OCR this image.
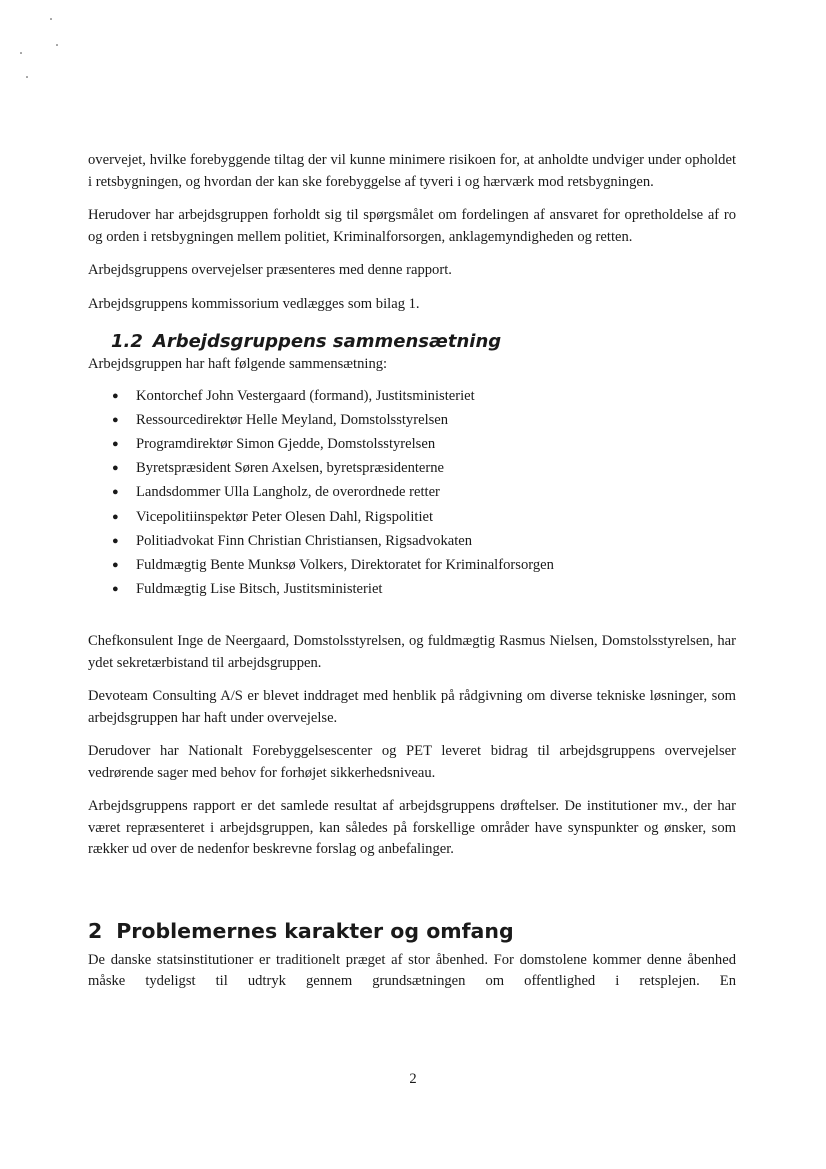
overvejet, hvilke forebyggende tiltag der vil kunne minimere risikoen for, at anholdte undviger under opholdet i retsbygningen, og hvordan der kan ske forebyggelse af tyveri i og hærværk mod retsbygningen.

Herudover har arbejdsgruppen forholdt sig til spørgsmålet om fordelingen af ansvaret for opretholdelse af ro og orden i retsbygningen mellem politiet, Kriminalforsorgen, anklagemyndigheden og retten.

Arbejdsgruppens overvejelser præsenteres med denne rapport.

Arbejdsgruppens kommissorium vedlægges som bilag 1.

1.2 Arbejdsgruppens sammensætning

Arbejdsgruppen har haft følgende sammensætning:

● Kontorchef John Vestergaard (formand), Justitsministeriet
● Ressourcedirektør Helle Meyland, Domstolsstyrelsen
● Programdirektør Simon Gjedde, Domstolsstyrelsen
● Byretspræsident Søren Axelsen, byretspræsidenterne
● Landsdommer Ulla Langholz, de overordnede retter
● Vicepolitiinspektør Peter Olesen Dahl, Rigspolitiet
● Politiadvokat Finn Christian Christiansen, Rigsadvokaten
● Fuldmægtig Bente Munksø Volkers, Direktoratet for Kriminalforsorgen
● Fuldmægtig Lise Bitsch, Justitsministeriet

Chefkonsulent Inge de Neergaard, Domstolsstyrelsen, og fuldmægtig Rasmus Nielsen, Domstolsstyrelsen, har ydet sekretærbistand til arbejdsgruppen.

Devoteam Consulting A/S er blevet inddraget med henblik på rådgivning om diverse tekniske løsninger, som arbejdsgruppen har haft under overvejelse.

Derudover har Nationalt Forebyggelsescenter og PET leveret bidrag til arbejdsgruppens overvejelser vedrørende sager med behov for forhøjet sikkerhedsniveau.

Arbejdsgruppens rapport er det samlede resultat af arbejdsgruppens drøftelser. De institutioner mv., der har været repræsenteret i arbejdsgruppen, kan således på forskellige områder have synspunkter og ønsker, som rækker ud over de nedenfor beskrevne forslag og anbefalinger.

2 Problemernes karakter og omfang

De danske statsinstitutioner er traditionelt præget af stor åbenhed. For domstolene kommer denne åbenhed måske tydeligst til udtryk gennem grundsætningen om offentlighed i retsplejen. En

2
